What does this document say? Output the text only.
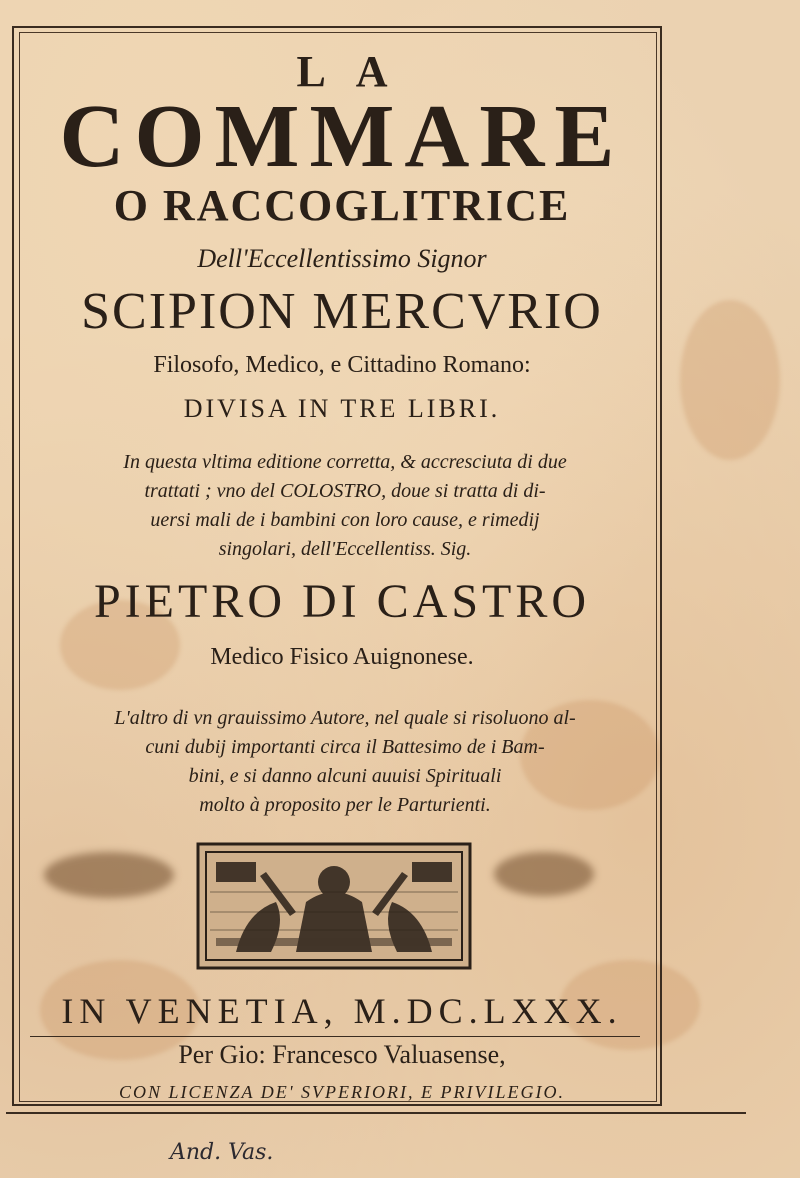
LA
COMMARE
O RACCOGLITRICE
Dell'Eccellentissimo Signor
SCIPION MERCVRIO
Filosofo, Medico, e Cittadino Romano:
DIVISA IN TRE LIBRI.
In questa vltima editione corretta, & accresciuta di due
trattati ; vno del COLOSTRO, doue si tratta di di-
uersi mali de i bambini con loro cause, e rimedij
singolari, dell'Eccellentiss. Sig.
PIETRO DI CASTRO
Medico Fisico Auignonese.
L'altro di vn grauissimo Autore, nel quale si risoluono al-
cuni dubij importanti circa il Battesimo de i Bam-
bini, e si danno alcuni auuisi Spirituali
molto à proposito per le Parturienti.
IN VENETIA, M.DC.LXXX.
Per Gio: Francesco Valuasense,
CON LICENZA DE' SVPERIORI, E PRIVILEGIO.
And. Vas.
